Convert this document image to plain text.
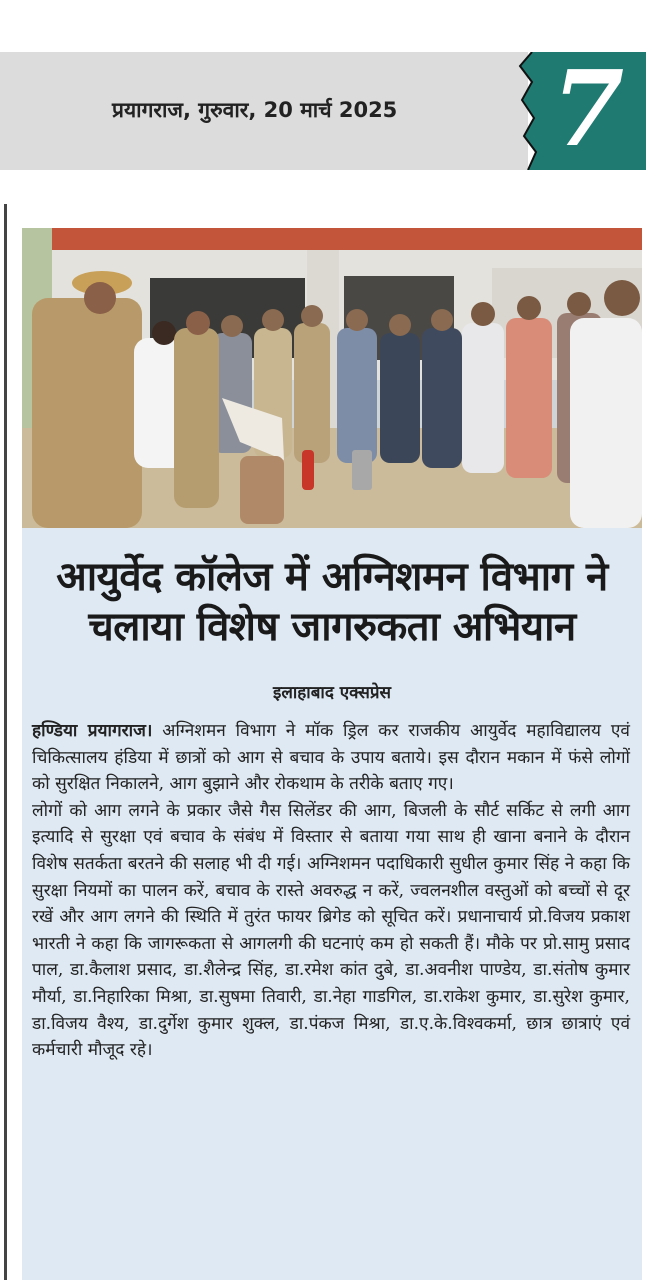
प्रयागराज, गुरुवार, 20 मार्च 2025 7
आयुर्वेद कॉलेज में अग्निशमन विभाग ने चलाया विशेष जागरुकता अभियान
इलाहाबाद एक्सप्रेस

हण्डिया प्रयागराज। अग्निशमन विभाग ने मॉक ड्रिल कर राजकीय आयुर्वेद महाविद्यालय एवं चिकित्सालय हंडिया में छात्रों को आग से बचाव के उपाय बताये। इस दौरान मकान में फंसे लोगों को सुरक्षित निकालने, आग बुझाने और रोकथाम के तरीके बताए गए।

लोगों को आग लगने के प्रकार जैसे गैस सिलेंडर की आग, बिजली के सौर्ट सर्किट से लगी आग इत्यादि से सुरक्षा एवं बचाव के संबंध में विस्तार से बताया गया साथ ही खाना बनाने के दौरान विशेष सतर्कता बरतने की सलाह भी दी गई। अग्निशमन पदाधिकारी सुधील कुमार सिंह ने कहा कि सुरक्षा नियमों का पालन करें, बचाव के रास्ते अवरुद्ध न करें, ज्वलनशील वस्तुओं को बच्चों से दूर रखें और आग लगने की स्थिति में तुरंत फायर ब्रिगेड को सूचित करें। प्रधानाचार्य प्रो.विजय प्रकाश भारती ने कहा कि जागरूकता से आगलगी की घटनाएं कम हो सकती हैं। मौके पर प्रो.सामु प्रसाद पाल, डा.कैलाश प्रसाद, डा.शैलेन्द्र सिंह, डा.रमेश कांत दुबे, डा.अवनीश पाण्डेय, डा.संतोष कुमार मौर्या, डा.निहारिका मिश्रा, डा.सुषमा तिवारी, डा.नेहा गाडगिल, डा.राकेश कुमार, डा.सुरेश कुमार, डा.विजय वैश्य, डा.दुर्गेश कुमार शुक्ल, डा.पंकज मिश्रा, डा.ए.के.विश्वकर्मा, छात्र छात्राएं एवं कर्मचारी मौजूद रहे।
